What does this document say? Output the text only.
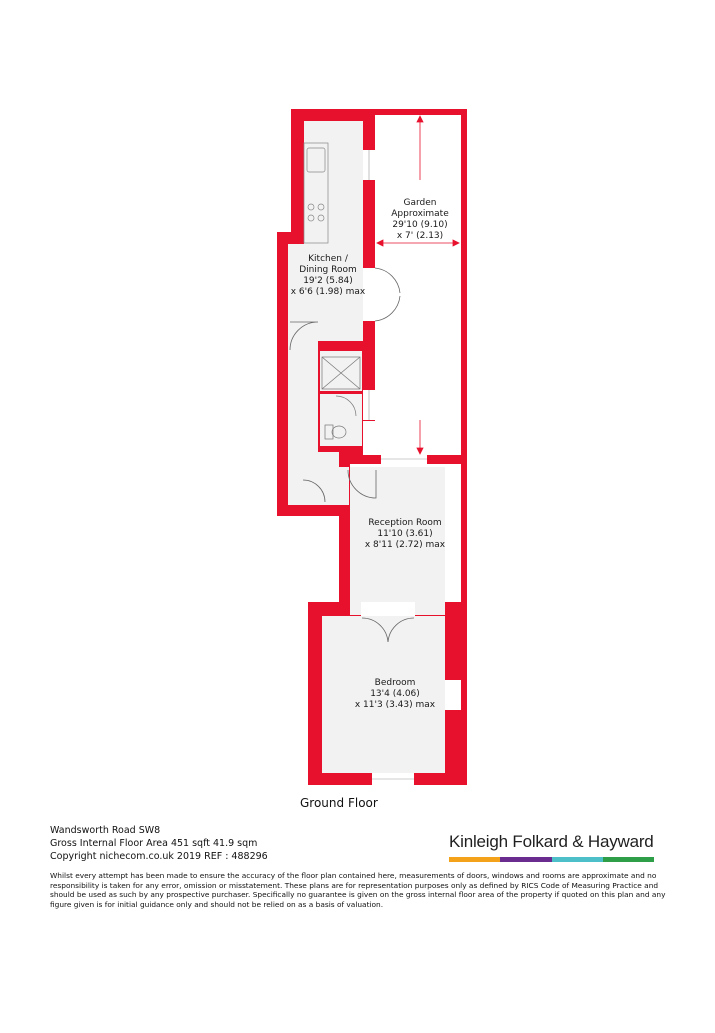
Garden
Approximate
29'10 (9.10)
x 7' (2.13)
Kitchen /
Dining Room
19'2 (5.84)
x 6'6 (1.98) max
Reception Room
11'10 (3.61)
x 8'11 (2.72) max
Bedroom
13'4 (4.06)
x 11'3 (3.43) max
Ground Floor
Wandsworth Road SW8
Gross Internal Floor Area 451 sqft 41.9 sqm
Copyright nichecom.co.uk 2019 REF : 488296
Kinleigh Folkard & Hayward
Whilst every attempt has been made to ensure the accuracy of the floor plan contained here, measurements of doors, windows and rooms are approximate and no responsibility is taken for any error, omission or misstatement. These plans are for representation purposes only as defined by RICS Code of Measuring Practice and should be used as such by any prospective purchaser. Specifically no guarantee is given on the gross internal floor area of the property if quoted on this plan and any figure given is for initial guidance only and should not be relied on as a basis of valuation.
